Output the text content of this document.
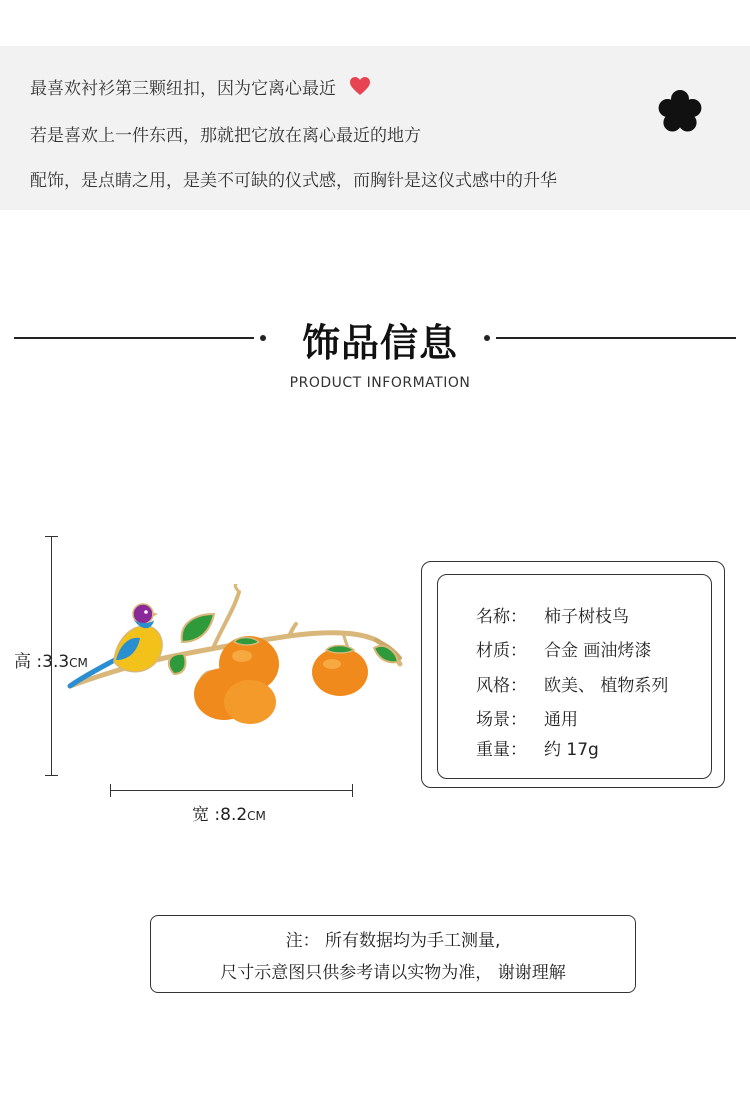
最喜欢衬衫第三颗纽扣，因为它离心最近
若是喜欢上一件东西，那就把它放在离心最近的地方
配饰，是点睛之用，是美不可缺的仪式感，而胸针是这仪式感中的升华
饰品信息
PRODUCT INFORMATION
高 :3.3CM
宽 :8.2CM
名称： 柿子树枝鸟
材质： 合金 画油烤漆
风格： 欧美、 植物系列
场景： 通用
重量： 约 17g
注： 所有数据均为手工测量,
尺寸示意图只供参考请以实物为准， 谢谢理解
